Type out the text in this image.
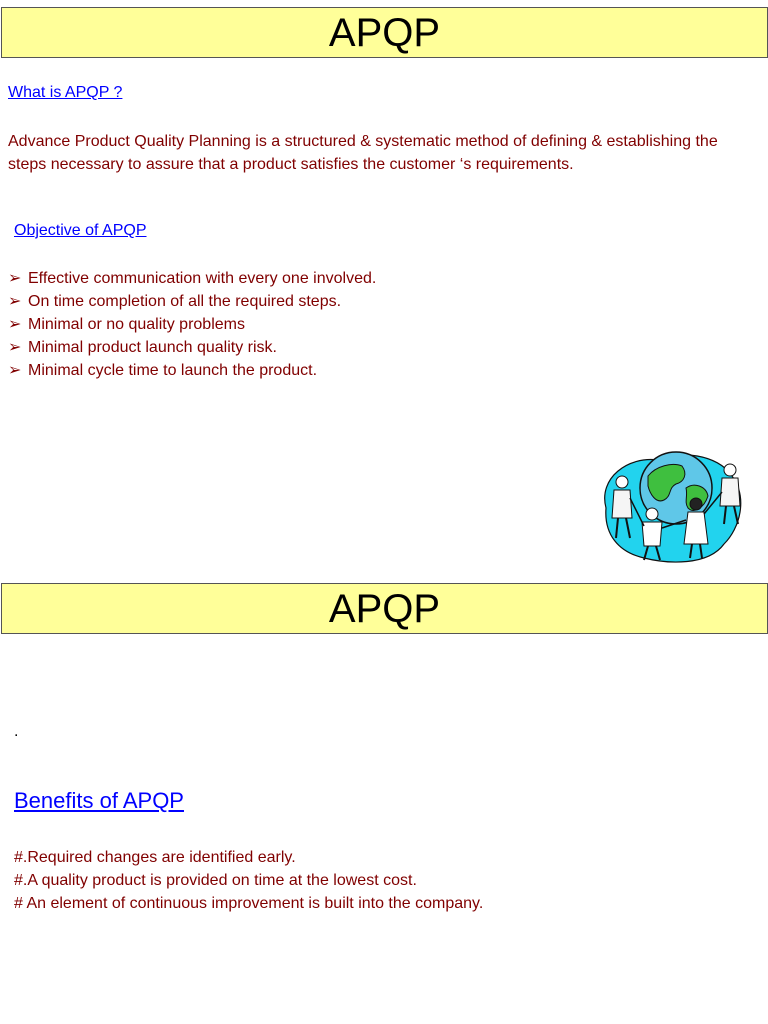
APQP
What is APQP ?

Advance Product Quality Planning is a structured & systematic method of defining & establishing the steps necessary to assure that a product satisfies the customer ‘s requirements.

Objective of APQP
➢ Effective communication with every one involved.
➢ On time completion of all the required steps.
➢ Minimal or no quality problems
➢ Minimal product launch quality risk.
➢ Minimal cycle time to launch the product.
APQP
.
Benefits of APQP
#.Required changes are identified early.
#.A quality product is provided on time at the lowest cost.
# An element of continuous improvement is built into the company.
